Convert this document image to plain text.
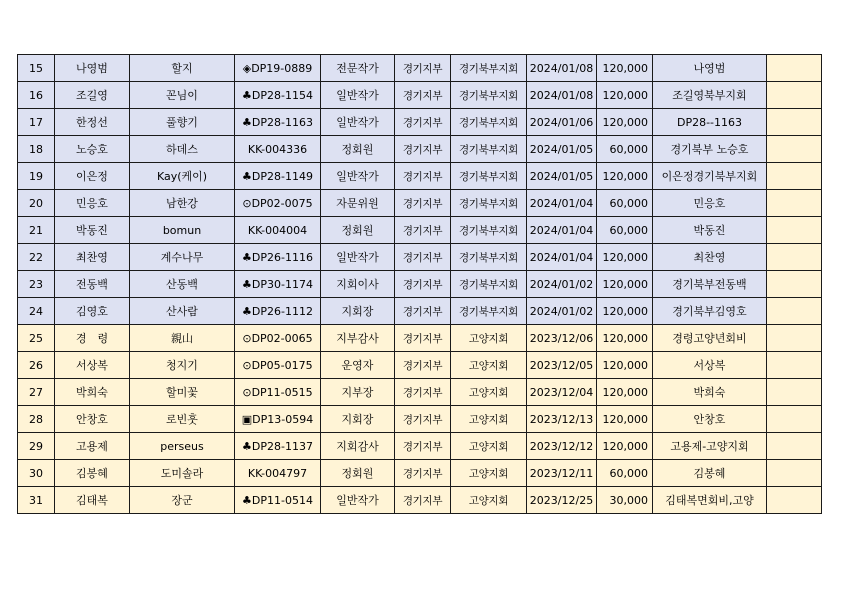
15	나영범	할지	◈DP19-0889	전문작가	경기지부	경기북부지회	2024/01/08	120,000	나영범	
16	조길영	꼰님이	♣DP28-1154	일반작가	경기지부	경기북부지회	2024/01/08	120,000	조길영북부지회	
17	한정선	풀향기	♣DP28-1163	일반작가	경기지부	경기북부지회	2024/01/06	120,000	DP28--1163	
18	노승호	하데스	KK-004336	정회원	경기지부	경기북부지회	2024/01/05	60,000	경기북부 노승호	
19	이은정	Kay(케이)	♣DP28-1149	일반작가	경기지부	경기북부지회	2024/01/05	120,000	이은정경기북부지회	
20	민응호	남한강	⊙DP02-0075	자문위원	경기지부	경기북부지회	2024/01/04	60,000	민응호	
21	박동진	bomun	KK-004004	정회원	경기지부	경기북부지회	2024/01/04	60,000	박동진	
22	최찬영	계수나무	♣DP26-1116	일반작가	경기지부	경기북부지회	2024/01/04	120,000	최찬영	
23	전동백	산동백	♣DP30-1174	지회이사	경기지부	경기북부지회	2024/01/02	120,000	경기북부전동백	
24	김영호	산사람	♣DP26-1112	지회장	경기지부	경기북부지회	2024/01/02	120,000	경기북부김영호	
25	경　령	親山	⊙DP02-0065	지부감사	경기지부	고양지회	2023/12/06	120,000	경령고양년회비	
26	서상복	청지기	⊙DP05-0175	운영자	경기지부	고양지회	2023/12/05	120,000	서상복	
27	박희숙	할미꽃	⊙DP11-0515	지부장	경기지부	고양지회	2023/12/04	120,000	박희숙	
28	안창호	로빈훗	▣DP13-0594	지회장	경기지부	고양지회	2023/12/13	120,000	안창호	
29	고용제	perseus	♣DP28-1137	지회감사	경기지부	고양지회	2023/12/12	120,000	고용제-고양지회	
30	김봉혜	도미솔라	KK-004797	정회원	경기지부	고양지회	2023/12/11	60,000	김봉혜	
31	김태복	장군	♣DP11-0514	일반작가	경기지부	고양지회	2023/12/25	30,000	김태복면회비,고양	
